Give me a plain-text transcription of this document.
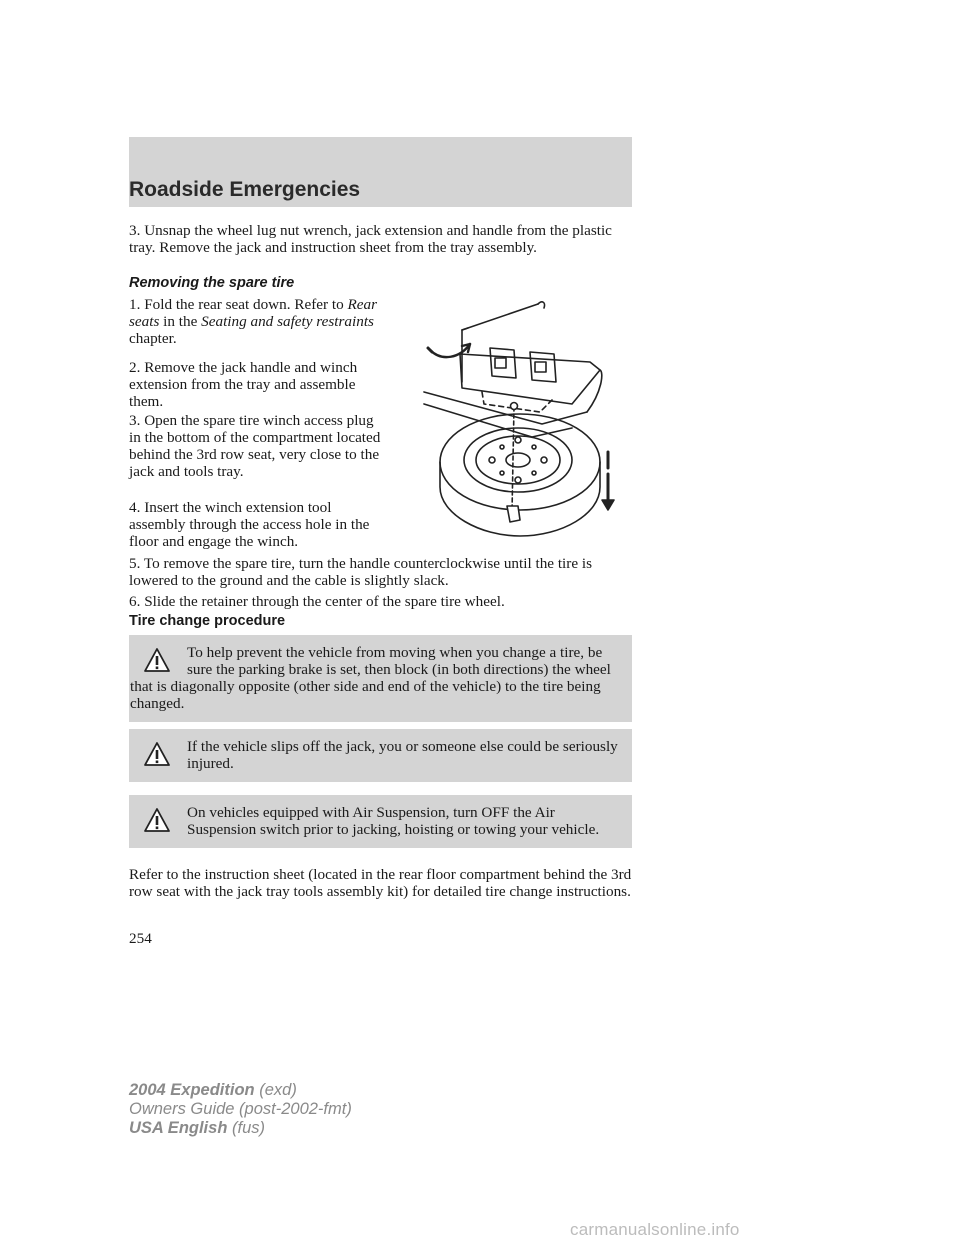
Roadside Emergencies

3. Unsnap the wheel lug nut wrench, jack extension and handle from the plastic tray. Remove the jack and instruction sheet from the tray assembly.

Removing the spare tire

1. Fold the rear seat down. Refer to Rear seats in the Seating and safety restraints chapter.

2. Remove the jack handle and winch extension from the tray and assemble them.

3. Open the spare tire winch access plug in the bottom of the compartment located behind the 3rd row seat, very close to the jack and tools tray.

4. Insert the winch extension tool assembly through the access hole in the floor and engage the winch.

5. To remove the spare tire, turn the handle counterclockwise until the tire is lowered to the ground and the cable is slightly slack.

6. Slide the retainer through the center of the spare tire wheel.

Tire change procedure

To help prevent the vehicle from moving when you change a tire, be sure the parking brake is set, then block (in both directions) the wheel that is diagonally opposite (other side and end of the vehicle) to the tire being changed.
If the vehicle slips off the jack, you or someone else could be seriously injured.
On vehicles equipped with Air Suspension, turn OFF the Air Suspension switch prior to jacking, hoisting or towing your vehicle.

Refer to the instruction sheet (located in the rear floor compartment behind the 3rd row seat with the jack tray tools assembly kit) for detailed tire change instructions.

254
2004 Expedition (exd)
Owners Guide (post-2002-fmt)
USA English (fus)
carmanualsonline.info
